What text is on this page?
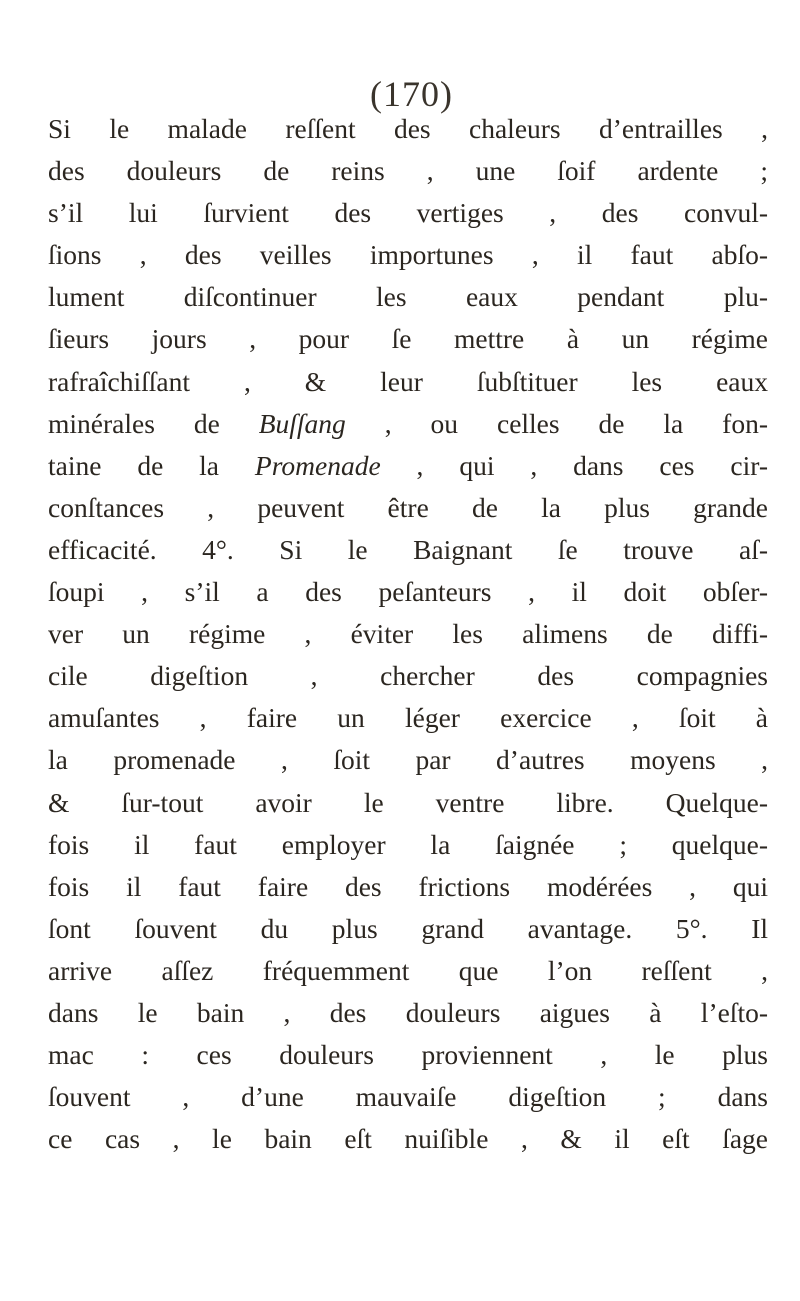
(170)
Si le malade reſſent des chaleurs d’entrailles ,
des douleurs de reins , une ſoif ardente ;
s’il lui ſurvient des vertiges , des convul-
ſions , des veilles importunes , il faut abſo-
lument diſcontinuer les eaux pendant plu-
ſieurs jours , pour ſe mettre à un régime
rafraîchiſſant , & leur ſubſtituer les eaux
minérales de Buſſang , ou celles de la fon-
taine de la Promenade , qui , dans ces cir-
conſtances , peuvent être de la plus grande
efficacité. 4°. Si le Baignant ſe trouve aſ-
ſoupi , s’il a des peſanteurs , il doit obſer-
ver un régime , éviter les alimens de diffi-
cile digeſtion , chercher des compagnies
amuſantes , faire un léger exercice , ſoit à
la promenade , ſoit par d’autres moyens ,
& ſur-tout avoir le ventre libre. Quelque-
fois il faut employer la ſaignée ; quelque-
fois il faut faire des frictions modérées , qui
ſont ſouvent du plus grand avantage. 5°. Il
arrive aſſez fréquemment que l’on reſſent ,
dans le bain , des douleurs aigues à l’eſto-
mac : ces douleurs proviennent , le plus
ſouvent , d’une mauvaiſe digeſtion ; dans
ce cas , le bain eſt nuiſible , & il eſt ſage
